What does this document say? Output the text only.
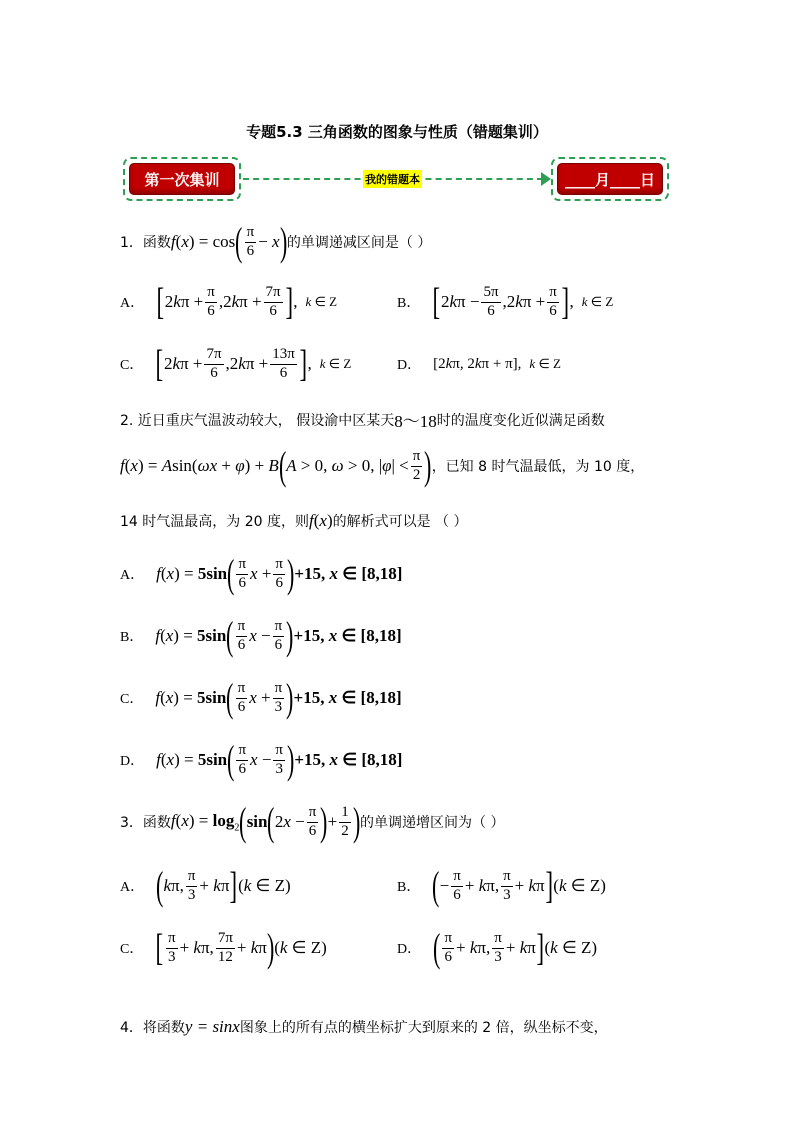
专题5.3 三角函数的图象与性质（错题集训）
第一次集训	我的错题本	____月____日
1． 函数 f(x) = cos ( $\frac{\pi}{6} - x$ ) 的单调递减区间是（ ）
A． [ $2k\pi + \frac{\pi}{6} ,2k\pi + \frac{7\pi}{6}$ ] , k ∈ Z	B． [ $2k\pi - \frac{5\pi}{6} ,2k\pi + \frac{\pi}{6}$ ] , k ∈ Z
C． [ $2k\pi + \frac{7\pi}{6} ,2k\pi + \frac{13\pi}{6}$ ] , k ∈ Z	D． [2kπ, 2kπ + π], k ∈ Z
2. 近日重庆气温波动较大， 假设渝中区某天 8～18 时的温度变化近似满足函数
f(x) = Asin(ωx + φ) + B ( A > 0, ω > 0, $|\varphi| < \frac{\pi}{2}$ ) ，已知 8 时气温最低，为 10 度，
14 时气温最高，为 20 度，则 f(x) 的解析式可以是 （ ）
A． f(x) = 5sin ( $\frac{\pi}{6}$ $x + \frac{\pi}{6}$ ) +15, x ∈ [8,18]
B． f(x) = 5sin ( $\frac{\pi}{6}$ $x - \frac{\pi}{6}$ ) +15, x ∈ [8,18]
C． f(x) = 5sin ( $\frac{\pi}{6}$ $x + \frac{\pi}{3}$ ) +15, x ∈ [8,18]
D． f(x) = 5sin ( $\frac{\pi}{6}$ $x - \frac{\pi}{3}$ ) +15, x ∈ [8,18]
3． 函数 $f(x) = \log_2$ ( sin ( $2x - \frac{\pi}{6}$ ) + $\frac{1}{2}$ ) 的单调递增区间为（ ）
A． ( kπ, $\frac{\pi}{3} + k\pi$ ] (k ∈ Z)	B． ( − $\frac{\pi}{6} + k\pi$, $\frac{\pi}{3} + k\pi$ ] (k ∈ Z)
C． [ $\frac{\pi}{3} + k\pi$, $\frac{7\pi}{12} + k\pi$ ) (k ∈ Z)	D． ( $\frac{\pi}{6} + k\pi$, $\frac{\pi}{3} + k\pi$ ] (k ∈ Z)
4．将函数 y = sinx 图象上的所有点的横坐标扩大到原来的 2 倍，纵坐标不变，
